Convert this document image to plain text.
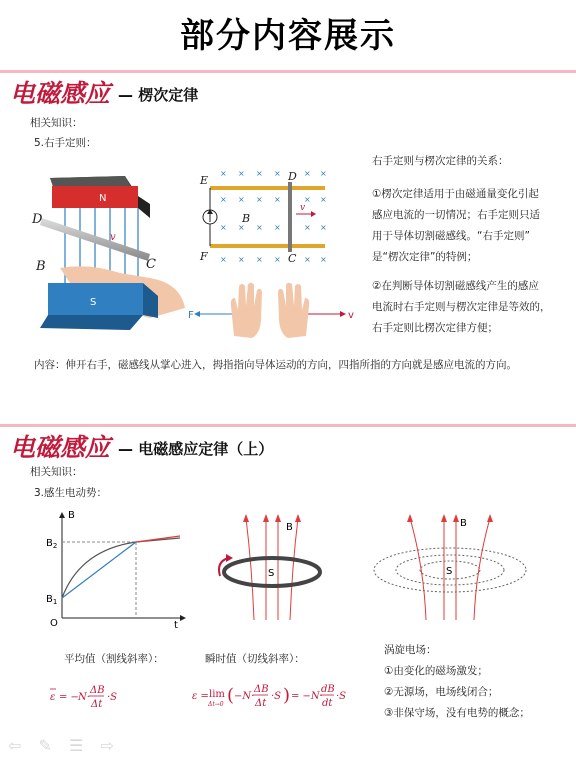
部分内容展示
电磁感应 — 楞次定律
相关知识：
5.右手定则：
N
S
D
B	C
v
× × × ×	× ×
× × × ×	× ×
× × × ×	× ×
× × × ×	× ×
E
F
D
C
B
v
F	v
右手定则与楞次定律的关系：
①楞次定律适用于由磁通量变化引起
感应电流的一切情况；右手定则只适
用于导体切割磁感线。“右手定则”
是“楞次定律”的特例；
②在判断导体切割磁感线产生的感应
电流时右手定则与楞次定律是等效的，
右手定则比楞次定律方便；
内容：伸开右手，磁感线从掌心进入，拇指指向导体运动的方向，四指所指的方向就是感应电流的方向。
电磁感应 — 电磁感应定律（上）
相关知识：
3.感生电动势：
B
$B_2$
$B_1$
O	t
B
S
B
S
平均值（割线斜率）：	瞬时值（切线斜率）：
ε = − N·
ΔB
Δt
·S	ε = lim
Δt→0 ( −N·
ΔB
Δt
·S ) = −N·
dB
dt
·S
涡旋电场：
①由变化的磁场激发；
②无源场，电场线闭合；
③非保守场，没有电势的概念；
⇦ ✎ ☰ ⇨
